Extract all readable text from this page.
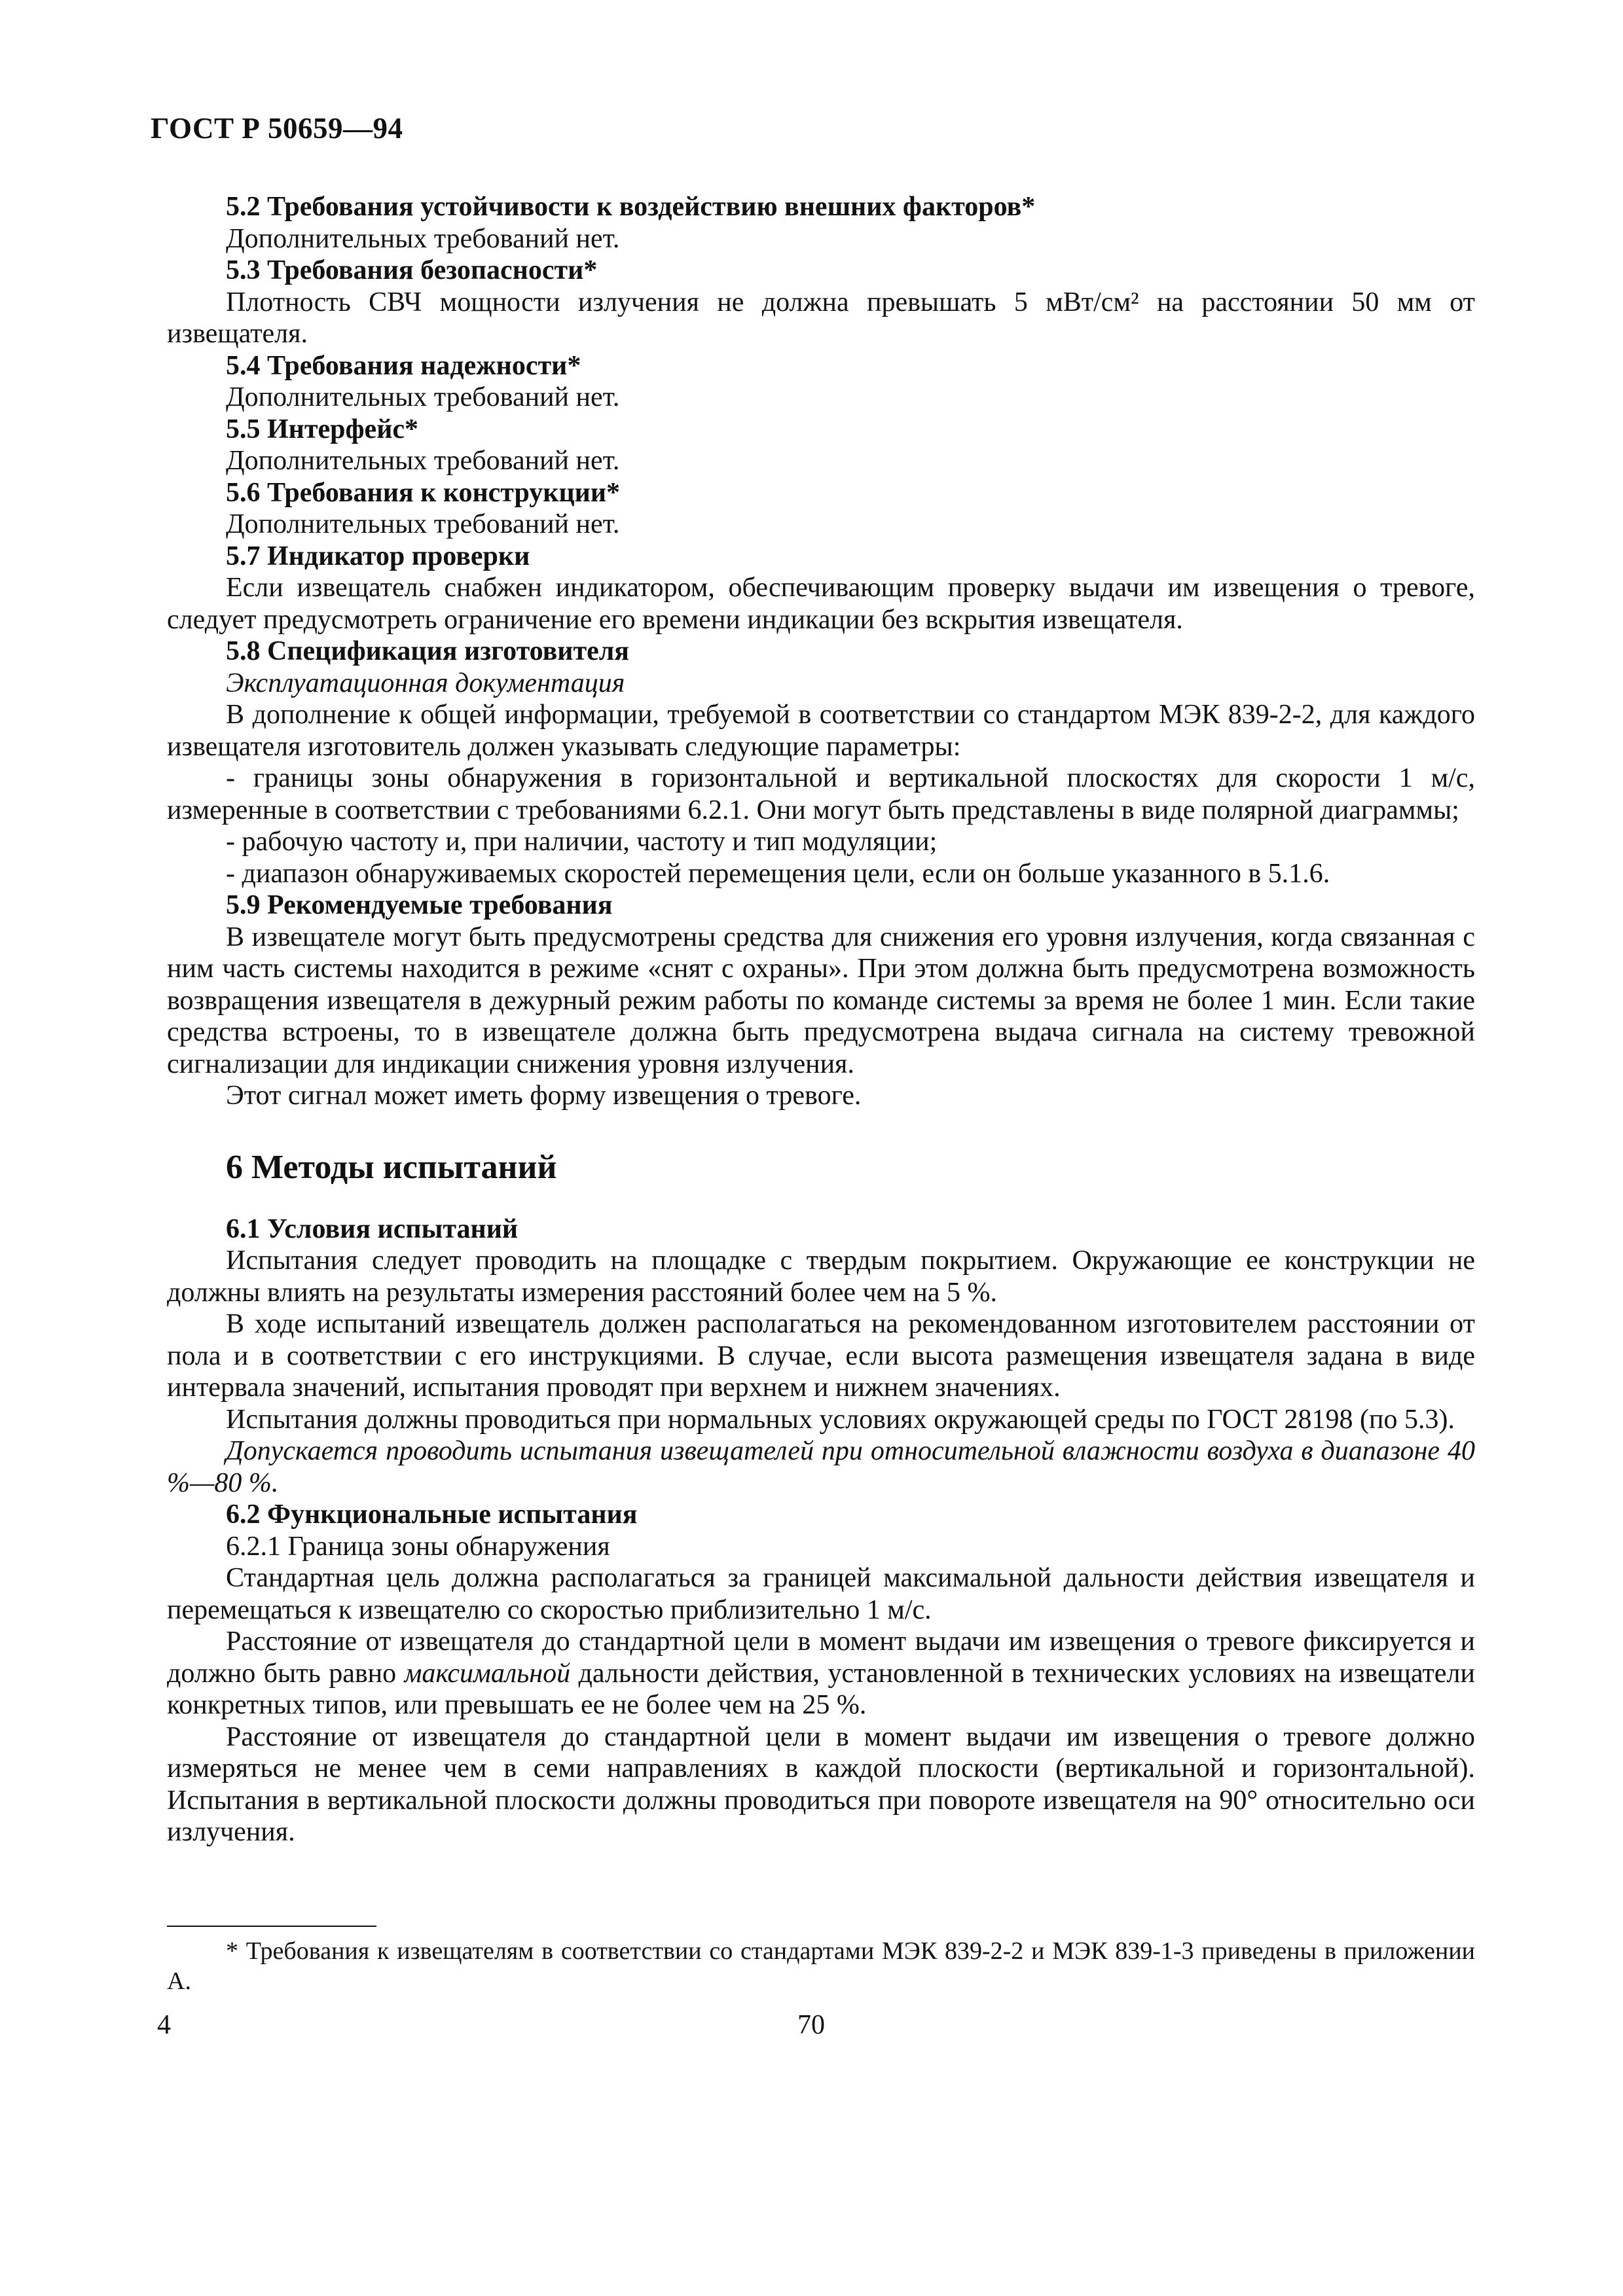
ГОСТ Р 50659—94

5.2 Требования устойчивости к воздействию внешних факторов*

Дополнительных требований нет.

5.3 Требования безопасности*

Плотность СВЧ мощности излучения не должна превышать 5 мВт/см² на расстоянии 50 мм от извещателя.

5.4 Требования надежности*

Дополнительных требований нет.

5.5 Интерфейс*

Дополнительных требований нет.

5.6 Требования к конструкции*

Дополнительных требований нет.

5.7 Индикатор проверки

Если извещатель снабжен индикатором, обеспечивающим проверку выдачи им извещения о тревоге, следует предусмотреть ограничение его времени индикации без вскрытия извещателя.

5.8 Спецификация изготовителя

Эксплуатационная документация

В дополнение к общей информации, требуемой в соответствии со стандартом МЭК 839-2-2, для каждого извещателя изготовитель должен указывать следующие параметры:

- границы зоны обнаружения в горизонтальной и вертикальной плоскостях для скорости 1 м/с, измеренные в соответствии с требованиями 6.2.1. Они могут быть представлены в виде полярной диаграммы;

- рабочую частоту и, при наличии, частоту и тип модуляции;

- диапазон обнаруживаемых скоростей перемещения цели, если он больше указанного в 5.1.6.

5.9 Рекомендуемые требования

В извещателе могут быть предусмотрены средства для снижения его уровня излучения, когда связанная с ним часть системы находится в режиме «снят с охраны». При этом должна быть предусмотрена возможность возвращения извещателя в дежурный режим работы по команде системы за время не более 1 мин. Если такие средства встроены, то в извещателе должна быть предусмотрена выдача сигнала на систему тревожной сигнализации для индикации снижения уровня излучения.

Этот сигнал может иметь форму извещения о тревоге.

6 Методы испытаний

6.1 Условия испытаний

Испытания следует проводить на площадке с твердым покрытием. Окружающие ее конструкции не должны влиять на результаты измерения расстояний более чем на 5 %.

В ходе испытаний извещатель должен располагаться на рекомендованном изготовителем расстоянии от пола и в соответствии с его инструкциями. В случае, если высота размещения извещателя задана в виде интервала значений, испытания проводят при верхнем и нижнем значениях.

Испытания должны проводиться при нормальных условиях окружающей среды по ГОСТ 28198 (по 5.3).

Допускается проводить испытания извещателей при относительной влажности воздуха в диапазоне 40 %—80 %.

6.2 Функциональные испытания

6.2.1 Граница зоны обнаружения

Стандартная цель должна располагаться за границей максимальной дальности действия извещателя и перемещаться к извещателю со скоростью приблизительно 1 м/с.

Расстояние от извещателя до стандартной цели в момент выдачи им извещения о тревоге фиксируется и должно быть равно максимальной дальности действия, установленной в технических условиях на извещатели конкретных типов, или превышать ее не более чем на 25 %.

Расстояние от извещателя до стандартной цели в момент выдачи им извещения о тревоге должно измеряться не менее чем в семи направлениях в каждой плоскости (вертикальной и горизонтальной). Испытания в вертикальной плоскости должны проводиться при повороте извещателя на 90° относительно оси излучения.

* Требования к извещателям в соответствии со стандартами МЭК 839-2-2 и МЭК 839-1-3 приведены в приложении А.
4	70
